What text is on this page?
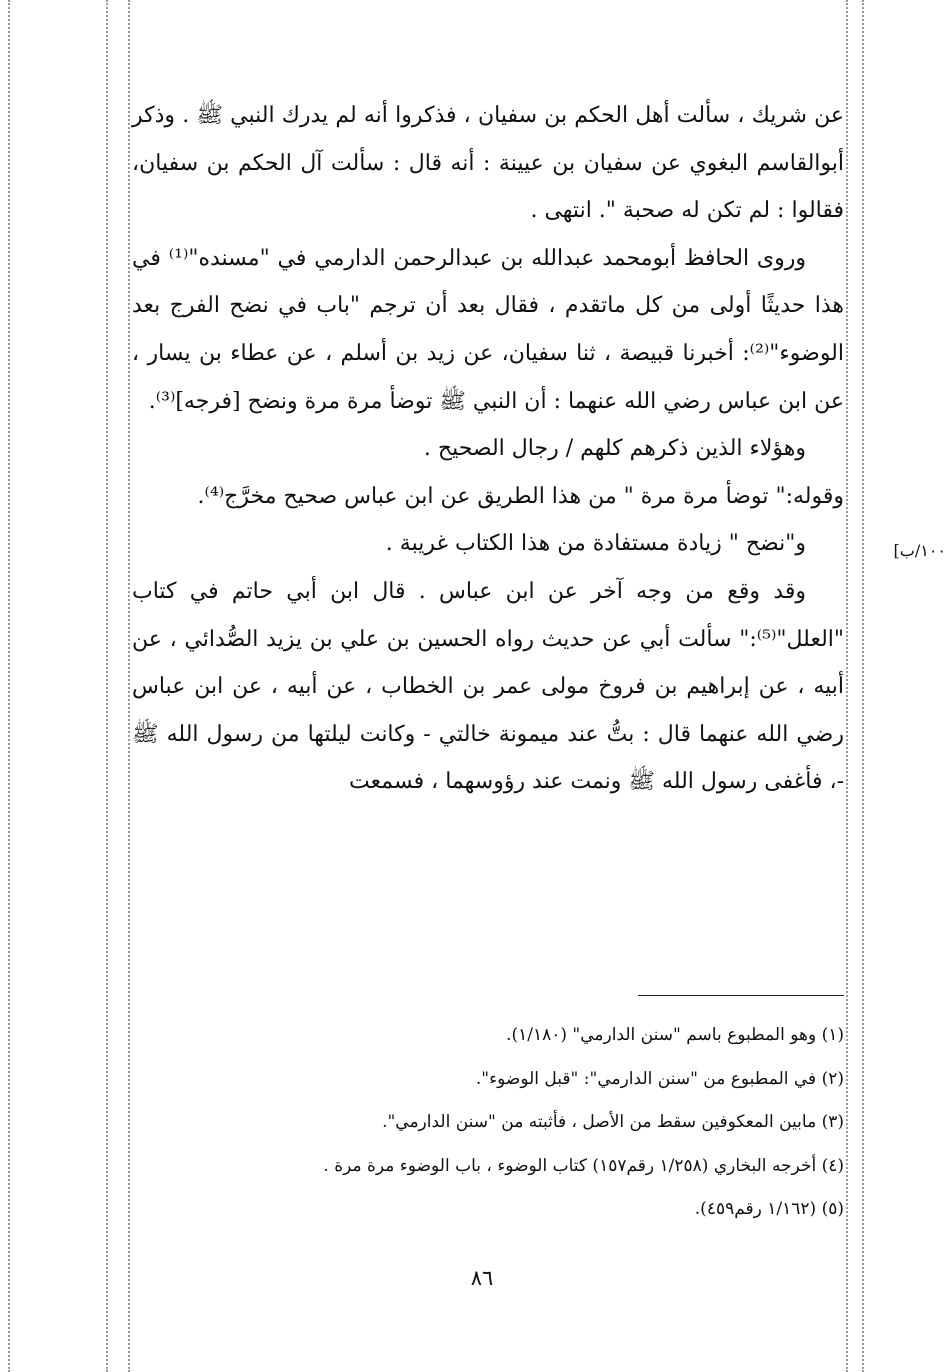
عن شريك ، سألت أهل الحكم بن سفيان ، فذكروا أنه لم يدرك النبي ﷺ . وذكر أبوالقاسم البغوي عن سفيان بن عيينة : أنه قال : سألت آل الحكم بن سفيان، فقالوا : لم تكن له صحبة ". انتهى .

وروى الحافظ أبومحمد عبدالله بن عبدالرحمن الدارمي في "مسنده"⁽¹⁾ في هذا حديثًا أولى من كل ماتقدم ، فقال بعد أن ترجم "باب في نضح الفرج بعد الوضوء"⁽²⁾: أخبرنا قبيصة ، ثنا سفيان، عن زيد بن أسلم ، عن عطاء بن يسار ، عن ابن عباس رضي الله عنهما : أن النبي ﷺ توضأ مرة مرة ونضح [فرجه]⁽³⁾.

وهؤلاء الذين ذكرهم كلهم / رجال الصحيح .

وقوله:" توضأ مرة مرة " من هذا الطريق عن ابن عباس صحيح مخرَّج⁽⁴⁾.

و"نضح " زيادة مستفادة من هذا الكتاب غريبة .

وقد وقع من وجه آخر عن ابن عباس . قال ابن أبي حاتم في كتاب "العلل"⁽⁵⁾:" سألت أبي عن حديث رواه الحسين بن علي بن يزيد الصُّدائي ، عن أبيه ، عن إبراهيم بن فروخ مولى عمر بن الخطاب ، عن أبيه ، عن ابن عباس رضي الله عنهما قال : بتُّ عند ميمونة خالتي - وكانت ليلتها من رسول الله ﷺ -، فأغفى رسول الله ﷺ ونمت عند رؤوسهما ، فسمعت

١٠٠/ب]

(١) وهو المطبوع باسم "سنن الدارمي" (١/١٨٠).

(٢) في المطبوع من "سنن الدارمي": "قبل الوضوء".

(٣) مابين المعكوفين سقط من الأصل ، فأثبته من "سنن الدارمي".

(٤) أخرجه البخاري (١/٢٥٨ رقم١٥٧) كتاب الوضوء ، باب الوضوء مرة مرة .

(٥) (١/١٦٢ رقم٤٥٩).

٨٦
